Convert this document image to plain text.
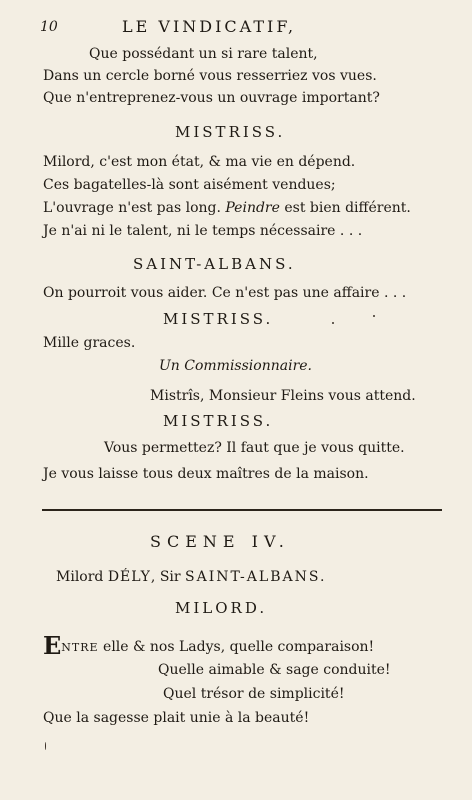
10	LE VINDICATIF,
Que possédant un si rare talent,
Dans un cercle borné vous resserriez vos vues.
Que n'entreprenez-vous un ouvrage important?
MISTRISS.
Milord, c'est mon état, & ma vie en dépend.
Ces bagatelles-là sont aisément vendues;
L'ouvrage n'est pas long. Peindre est bien différent.
Je n'ai ni le talent, ni le temps nécessaire . . .
SAINT-ALBANS.
On pourroit vous aider. Ce n'est pas une affaire . . .
MISTRISS.
Mille graces.
Un Commissionnaire.
Mistrîs, Monsieur Fleins vous attend.
MISTRISS.
Vous permettez? Il faut que je vous quitte.
Je vous laisse tous deux maîtres de la maison.
SCENE IV.
Milord DÉLY, Sir SAINT-ALBANS.
MILORD.
ENTRE elle & nos Ladys, quelle comparaison!
Quelle aimable & sage conduite!
Quel trésor de simplicité!
Que la sagesse plait unie à la beauté!
